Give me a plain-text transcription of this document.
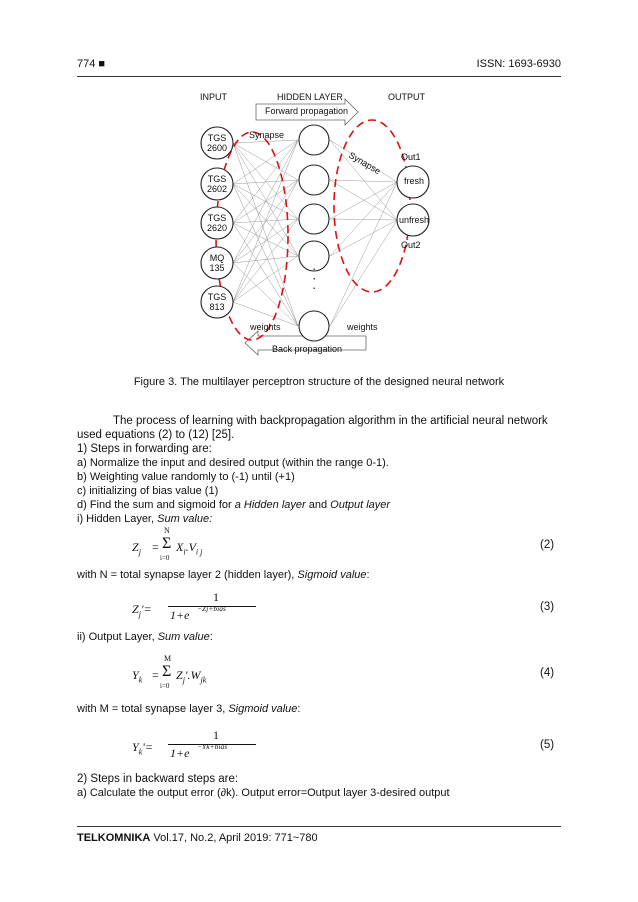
774 ■	ISSN: 1693-6930
INPUT	HIDDEN LAYER	OUTPUT
Forward propagation
Back propagation
Synapse
Synapse
weights	weights
Out1
Out2
· · ·
TGS
2600
TGS
2602
TGS
2620
MQ
135
TGS
813
fresh
unfresh
Figure 3. The multilayer perceptron structure of the designed neural network
The process of learning with backpropagation algorithm in the artificial neural network used equations (2) to (12) [25].
1) Steps in forwarding are:
a) Normalize the input and desired output (within the range 0-1).
b) Weighting value randomly to (-1) until (+1)
c) initializing of bias value (1)
d) Find the sum and sigmoid for a Hidden layer and Output layer
i) Hidden Layer, Sum value:
$Z_j$ =
N
Σ
i=0
$X_i.V_{i j}$
(2)
with N = total synapse layer 2 (hidden layer), Sigmoid value:
$Z_j'=$
1
1+e	−Zj+bias	(3)
ii) Output Layer, Sum value:
$Y_k$ =
M
Σ
i=0
$Z_j'.W_{jk}$
(4)
with M = total synapse layer 3, Sigmoid value:
$Y_k'=$
1
1+e	−Yk+bias	(5)
2) Steps in backward steps are:
a) Calculate the output error (∂k). Output error=Output layer 3-desired output
TELKOMNIKA Vol.17, No.2, April 2019: 771~780
